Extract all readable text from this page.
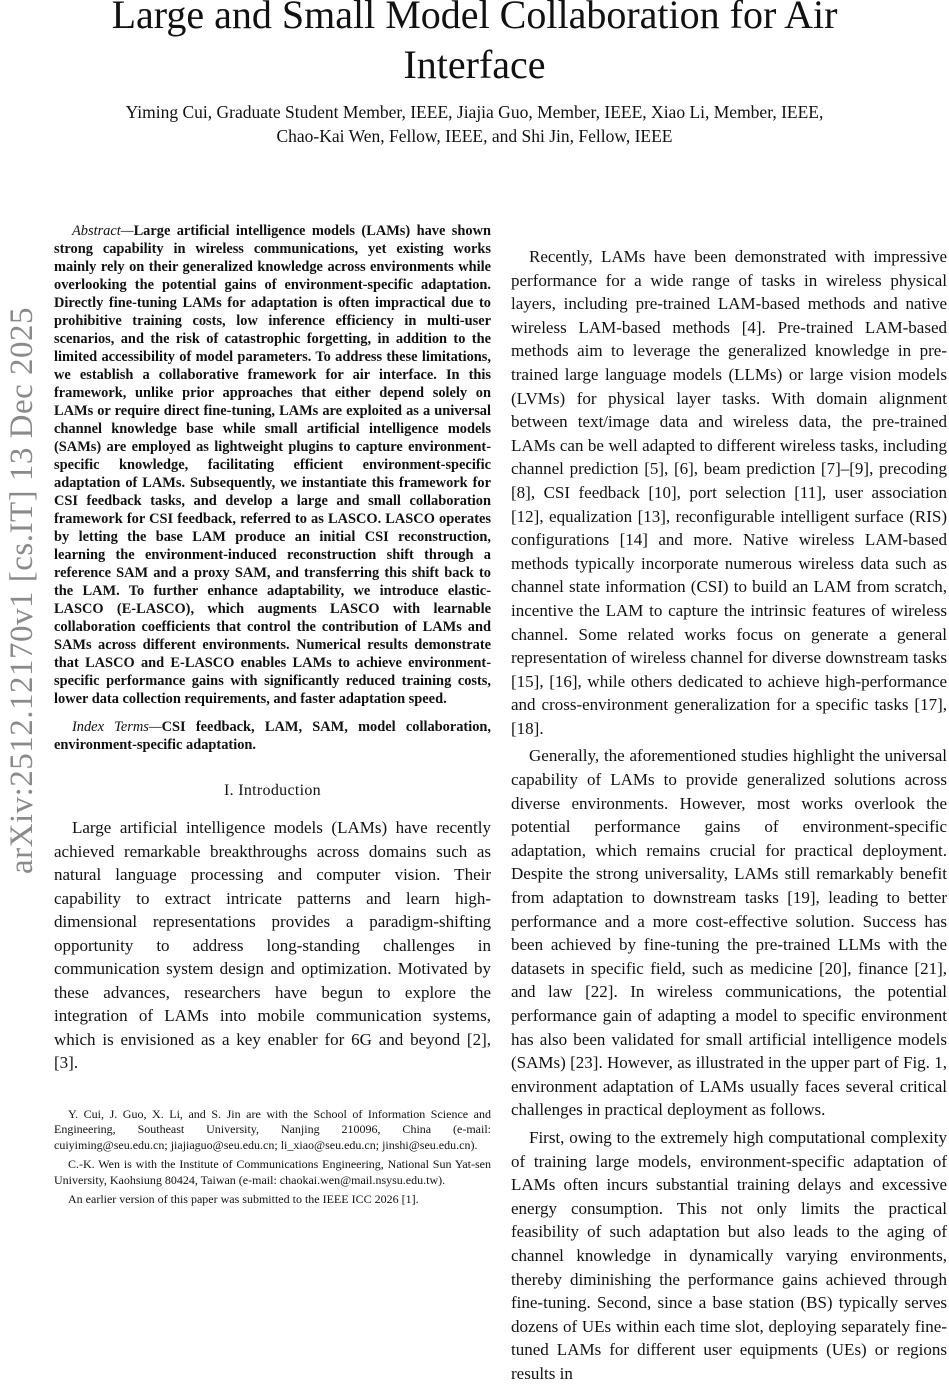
Large and Small Model Collaboration for Air Interface
Yiming Cui, Graduate Student Member, IEEE, Jiajia Guo, Member, IEEE, Xiao Li, Member, IEEE,
Chao-Kai Wen, Fellow, IEEE, and Shi Jin, Fellow, IEEE
arXiv:2512.12170v1 [cs.IT] 13 Dec 2025

Abstract—Large artificial intelligence models (LAMs) have shown strong capability in wireless communications, yet existing works mainly rely on their generalized knowledge across environments while overlooking the potential gains of environment-specific adaptation. Directly fine-tuning LAMs for adaptation is often impractical due to prohibitive training costs, low inference efficiency in multi-user scenarios, and the risk of catastrophic forgetting, in addition to the limited accessibility of model parameters. To address these limitations, we establish a collaborative framework for air interface. In this framework, unlike prior approaches that either depend solely on LAMs or require direct fine-tuning, LAMs are exploited as a universal channel knowledge base while small artificial intelligence models (SAMs) are employed as lightweight plugins to capture environment-specific knowledge, facilitating efficient environment-specific adaptation of LAMs. Subsequently, we instantiate this framework for CSI feedback tasks, and develop a large and small collaboration framework for CSI feedback, referred to as LASCO. LASCO operates by letting the base LAM produce an initial CSI reconstruction, learning the environment-induced reconstruction shift through a reference SAM and a proxy SAM, and transferring this shift back to the LAM. To further enhance adaptability, we introduce elastic-LASCO (E-LASCO), which augments LASCO with learnable collaboration coefficients that control the contribution of LAMs and SAMs across different environments. Numerical results demonstrate that LASCO and E-LASCO enables LAMs to achieve environment-specific performance gains with significantly reduced training costs, lower data collection requirements, and faster adaptation speed.

Index Terms—CSI feedback, LAM, SAM, model collaboration, environment-specific adaptation.

I. Introduction

Large artificial intelligence models (LAMs) have recently achieved remarkable breakthroughs across domains such as natural language processing and computer vision. Their capability to extract intricate patterns and learn high-dimensional representations provides a paradigm-shifting opportunity to address long-standing challenges in communication system design and optimization. Motivated by these advances, researchers have begun to explore the integration of LAMs into mobile communication systems, which is envisioned as a key enabler for 6G and beyond [2], [3].

Y. Cui, J. Guo, X. Li, and S. Jin are with the School of Information Science and Engineering, Southeast University, Nanjing 210096, China (e-mail: cuiyiming@seu.edu.cn; jiajiaguo@seu.edu.cn; li_xiao@seu.edu.cn; jinshi@seu.edu.cn).

C.-K. Wen is with the Institute of Communications Engineering, National Sun Yat-sen University, Kaohsiung 80424, Taiwan (e-mail: chaokai.wen@mail.nsysu.edu.tw).

An earlier version of this paper was submitted to the IEEE ICC 2026 [1].

Recently, LAMs have been demonstrated with impressive performance for a wide range of tasks in wireless physical layers, including pre-trained LAM-based methods and native wireless LAM-based methods [4]. Pre-trained LAM-based methods aim to leverage the generalized knowledge in pre-trained large language models (LLMs) or large vision models (LVMs) for physical layer tasks. With domain alignment between text/image data and wireless data, the pre-trained LAMs can be well adapted to different wireless tasks, including channel prediction [5], [6], beam prediction [7]–[9], precoding [8], CSI feedback [10], port selection [11], user association [12], equalization [13], reconfigurable intelligent surface (RIS) configurations [14] and more. Native wireless LAM-based methods typically incorporate numerous wireless data such as channel state information (CSI) to build an LAM from scratch, incentive the LAM to capture the intrinsic features of wireless channel. Some related works focus on generate a general representation of wireless channel for diverse downstream tasks [15], [16], while others dedicated to achieve high-performance and cross-environment generalization for a specific tasks [17], [18].

Generally, the aforementioned studies highlight the universal capability of LAMs to provide generalized solutions across diverse environments. However, most works overlook the potential performance gains of environment-specific adaptation, which remains crucial for practical deployment. Despite the strong universality, LAMs still remarkably benefit from adaptation to downstream tasks [19], leading to better performance and a more cost-effective solution. Success has been achieved by fine-tuning the pre-trained LLMs with the datasets in specific field, such as medicine [20], finance [21], and law [22]. In wireless communications, the potential performance gain of adapting a model to specific environment has also been validated for small artificial intelligence models (SAMs) [23]. However, as illustrated in the upper part of Fig. 1, environment adaptation of LAMs usually faces several critical challenges in practical deployment as follows.

First, owing to the extremely high computational complexity of training large models, environment-specific adaptation of LAMs often incurs substantial training delays and excessive energy consumption. This not only limits the practical feasibility of such adaptation but also leads to the aging of channel knowledge in dynamically varying environments, thereby diminishing the performance gains achieved through fine-tuning. Second, since a base station (BS) typically serves dozens of UEs within each time slot, deploying separately fine-tuned LAMs for different user equipments (UEs) or regions results in
